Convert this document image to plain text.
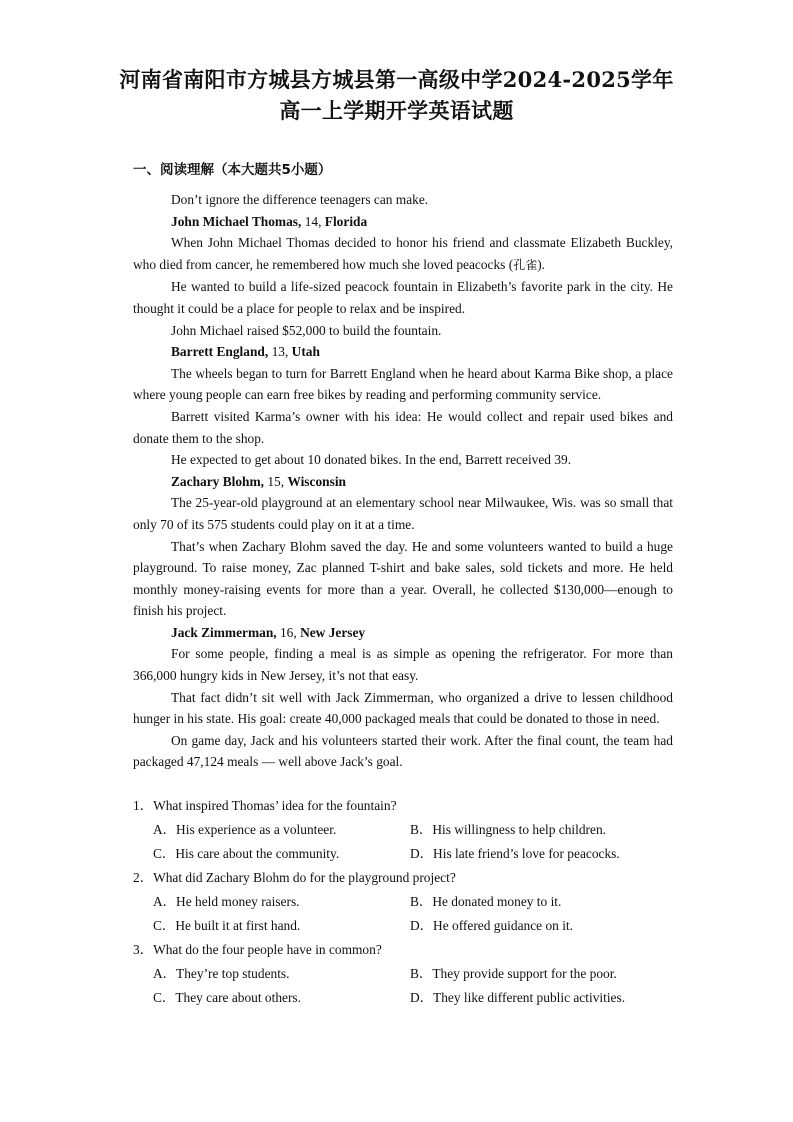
河南省南阳市方城县方城县第一高级中学2024-2025学年
高一上学期开学英语试题
一、阅读理解（本大题共5小题）

Don’t ignore the difference teenagers can make.

John Michael Thomas, 14, Florida

When John Michael Thomas decided to honor his friend and classmate Elizabeth Buckley, who died from cancer, he remembered how much she loved peacocks (孔雀).

He wanted to build a life-sized peacock fountain in Elizabeth’s favorite park in the city. He thought it could be a place for people to relax and be inspired.

John Michael raised $52,000 to build the fountain.

Barrett England, 13, Utah

The wheels began to turn for Barrett England when he heard about Karma Bike shop, a place where young people can earn free bikes by reading and performing community service.

Barrett visited Karma’s owner with his idea: He would collect and repair used bikes and donate them to the shop.

He expected to get about 10 donated bikes. In the end, Barrett received 39.

Zachary Blohm, 15, Wisconsin

The 25-year-old playground at an elementary school near Milwaukee, Wis. was so small that only 70 of its 575 students could play on it at a time.

That’s when Zachary Blohm saved the day. He and some volunteers wanted to build a huge playground. To raise money, Zac planned T-shirt and bake sales, sold tickets and more. He held monthly money-raising events for more than a year. Overall, he collected $130,000—enough to finish his project.

Jack Zimmerman, 16, New Jersey

For some people, finding a meal is as simple as opening the refrigerator. For more than 366,000 hungry kids in New Jersey, it’s not that easy.

That fact didn’t sit well with Jack Zimmerman, who organized a drive to lessen childhood hunger in his state. His goal: create 40,000 packaged meals that could be donated to those in need.

On game day, Jack and his volunteers started their work. After the final count, the team had packaged 47,124 meals — well above Jack’s goal.

1．What inspired Thomas’ idea for the fountain?
A．His experience as a volunteer.	B．His willingness to help children.
C．His care about the community.	D．His late friend’s love for peacocks.
2．What did Zachary Blohm do for the playground project?
A．He held money raisers.	B．He donated money to it.
C．He built it at first hand.	D．He offered guidance on it.
3．What do the four people have in common?
A．They’re top students.	B．They provide support for the poor.
C．They care about others.	D．They like different public activities.
